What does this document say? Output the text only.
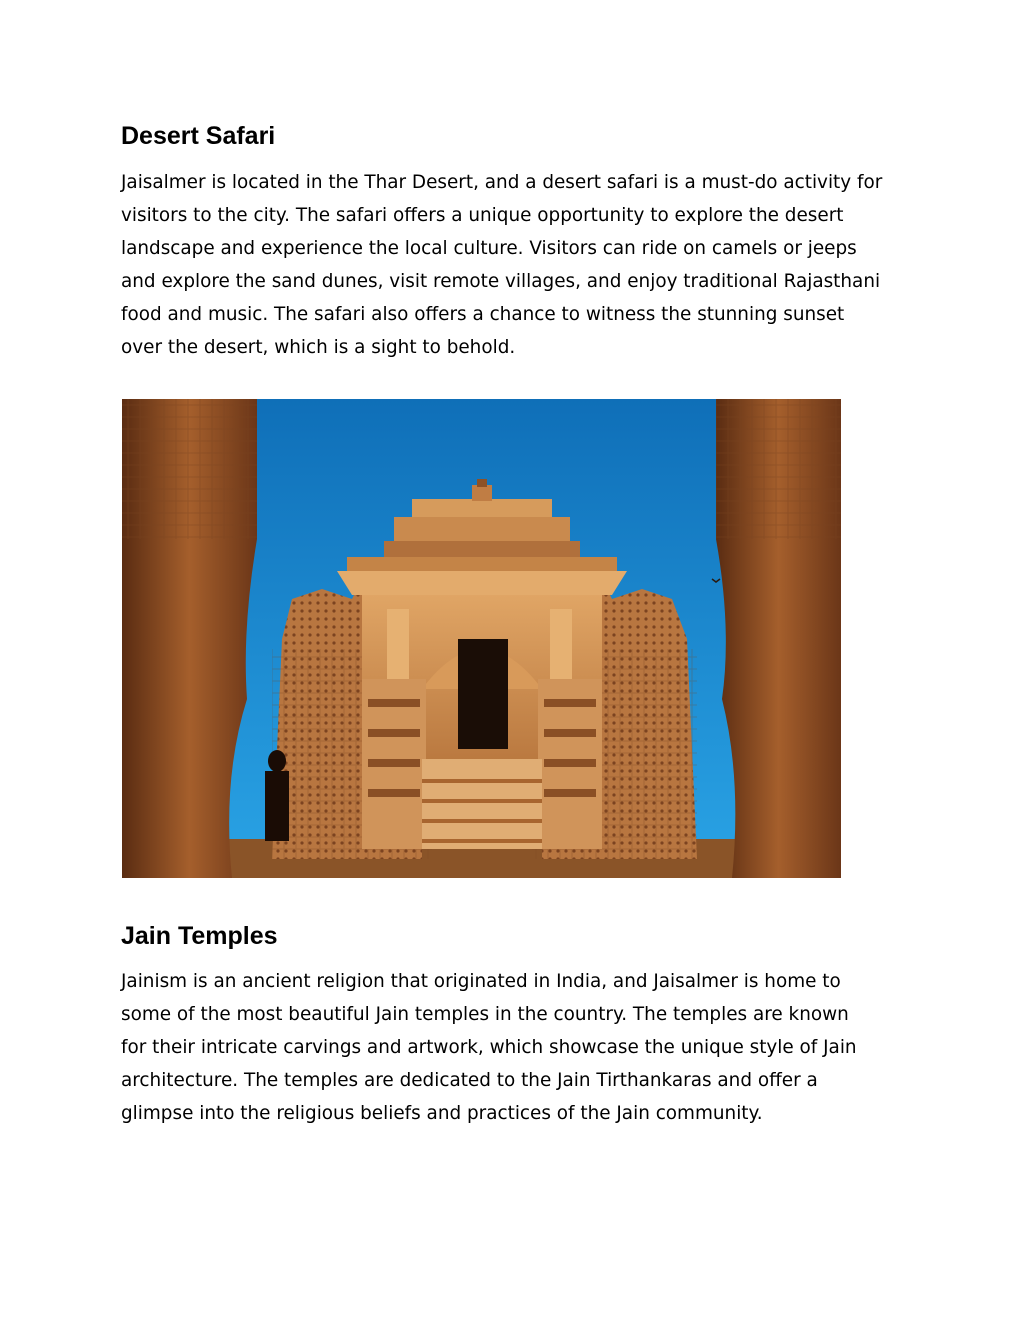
Desert Safari

Jaisalmer is located in the Thar Desert, and a desert safari is a must-do activity for
visitors to the city. The safari offers a unique opportunity to explore the desert
landscape and experience the local culture. Visitors can ride on camels or jeeps
and explore the sand dunes, visit remote villages, and enjoy traditional Rajasthani
food and music. The safari also offers a chance to witness the stunning sunset
over the desert, which is a sight to behold.

Jain Temples

Jainism is an ancient religion that originated in India, and Jaisalmer is home to
some of the most beautiful Jain temples in the country. The temples are known
for their intricate carvings and artwork, which showcase the unique style of Jain
architecture. The temples are dedicated to the Jain Tirthankaras and offer a
glimpse into the religious beliefs and practices of the Jain community.
